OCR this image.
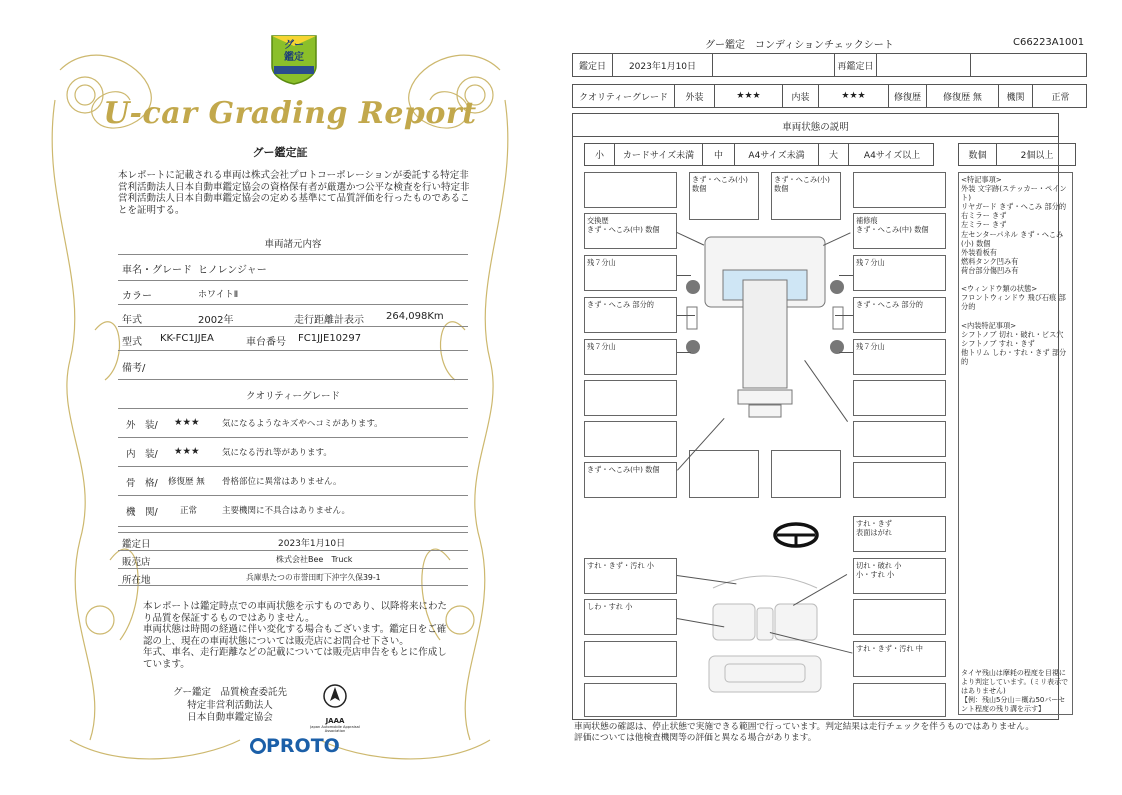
グー
鑑定
U-car Grading Report
グー鑑定証
本レポートに記載される車両は株式会社プロトコーポレーションが委託する特定非営利活動法人日本自動車鑑定協会の資格保有者が厳選かつ公平な検査を行い特定非営利活動法人日本自動車鑑定協会の定める基準にて品質評価を行ったものであることを証明する。
車両諸元内容
車名・グレード ヒノレンジャー
カラー	ホワイトⅡ
年式	2002年	走行距離計表示 264,098Km
型式 KK-FC1JJEA	車台番号 FC1JJE10297
備考/
クオリティーグレード
外　装/ ★★★	気になるようなキズやヘコミがあります。
内　装/ ★★★	気になる汚れ等があります。
骨　格/ 修復歴 無 骨格部位に異常はありません。
機　関/	正常	主要機関に不具合はありません。
鑑定日	2023年1月10日
販売店	株式会社Bee　Truck
所在地	兵庫県たつの市誉田町下沖字久保39-1
本レポートは鑑定時点での車両状態を示すものであり、以降将来にわたり品質を保証するものではありません。
車両状態は時間の経過に伴い変化する場合もございます。鑑定日をご確認の上、現在の車両状態については販売店にお問合せ下さい。
年式、車名、走行距離などの記載については販売店申告をもとに作成しています。
グー鑑定　品質検査委託先
特定非営利活動法人
日本自動車鑑定協会	JAAA
Japan Automobile Appraisal Association
PROTO
グー鑑定　コンディションチェックシート	C66223A1001
鑑定日	2023年1月10日	再鑑定日
クオリティーグレード	外装	★★★	内装	★★★	修復歴	修復歴 無	機関	正常
車両状態の説明
小	カードサイズ未満	中	A4サイズ未満	大	A4サイズ以上	数個	2個以上
きず・へこみ(小) 数個
きず・へこみ(小) 数個
交換歴
きず・へこみ(中) 数個
補修痕
きず・へこみ(中) 数個
残７分山	残７分山
きず・へこみ 部分的	きず・へこみ 部分的
残７分山	残７分山
きず・へこみ(中) 数個
すれ・きず
表面はがれ
すれ・きず・汚れ 小	切れ・破れ 小
小・すれ 小
しわ・すれ 小
すれ・きず・汚れ 中
<特記事項>
外装 文字跡(ステッカー・ペイント)
リヤガード きず・へこみ 部分的
右ミラー きず
左ミラー きず
左センターパネル きず・へこみ(小) 数個
外装看板有
燃料タンク凹み有
荷台部分傷凹み有

<ウィンドウ類の状態>
フロントウィンドウ 飛び石痕 部分的

<内装特記事項>
シフトノブ 切れ・破れ・ビス穴
シフトノブ すれ・きず
他トリム しわ・すれ・きず 部分的
タイヤ残山は摩耗の程度を目視により判定しています。(ミリ表示ではありません)
【例：残山5分山＝概ね50パーセント程度の残り溝を示す】
車両状態の確認は、停止状態で実施できる範囲で行っています。判定結果は走行チェックを伴うものではありません。
評価については他検査機関等の評価と異なる場合があります。
